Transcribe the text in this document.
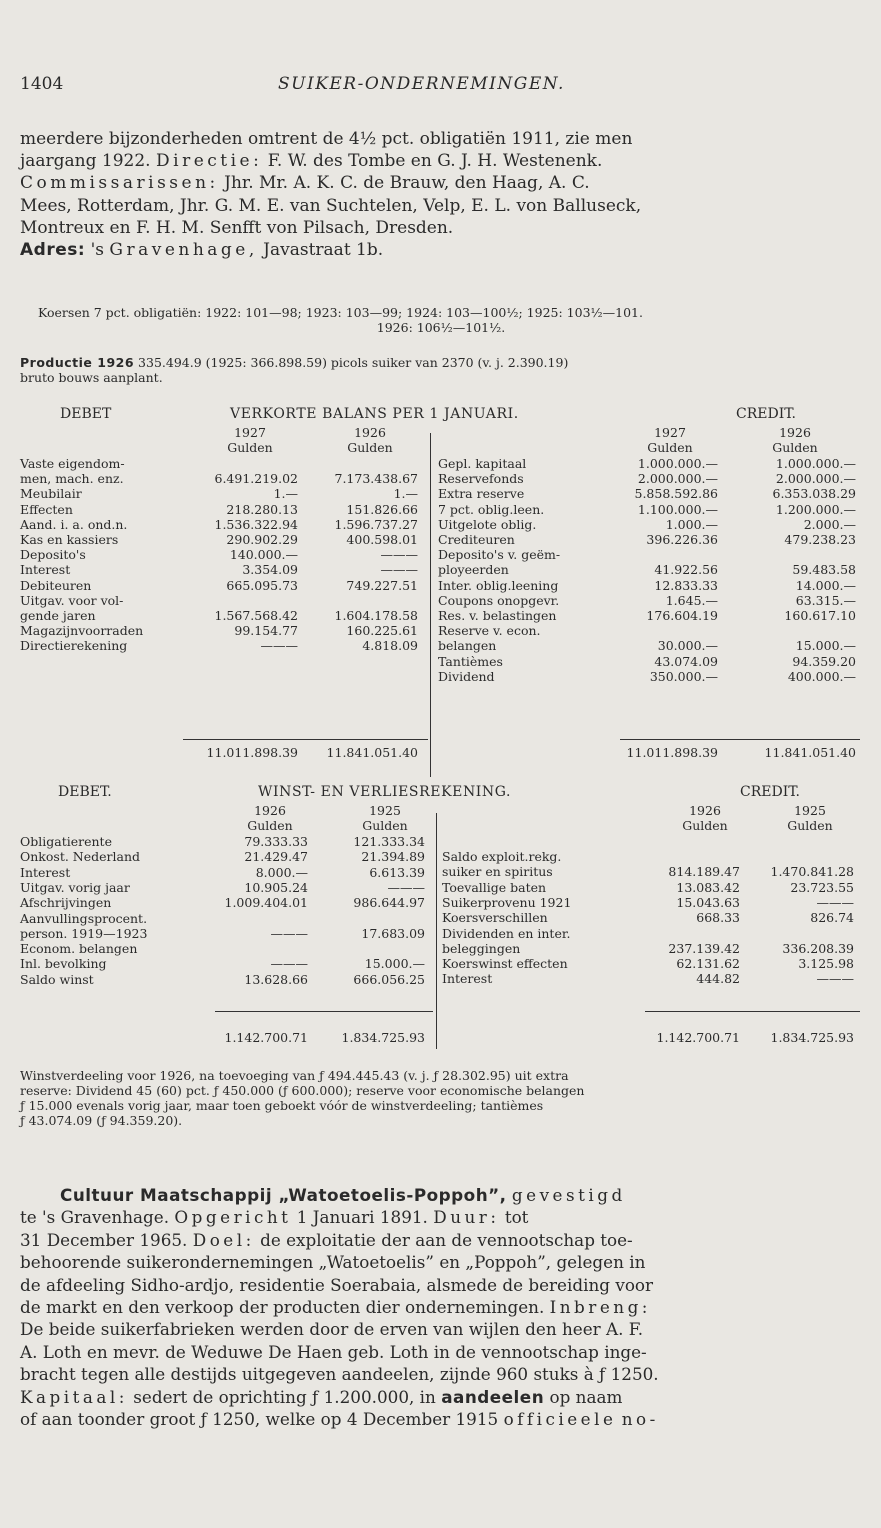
1404	SUIKER-ONDERNEMINGEN.
meerdere bijzonderheden omtrent de 4½ pct. obligatiën 1911, zie men
jaargang 1922. Directie: F. W. des Tombe en G. J. H. Westenenk.
Commissarissen: Jhr. Mr. A. K. C. de Brauw, den Haag, A. C.
Mees, Rotterdam, Jhr. G. M. E. van Suchtelen, Velp, E. L. von Balluseck,
Montreux en F. H. M. Senfft von Pilsach, Dresden.
Adres: 's Gravenhage, Javastraat 1b.
Koersen 7 pct. obligatiën: 1922: 101—98; 1923: 103—99; 1924: 103—100½; 1925: 103½—101.
1926: 106½—101½.
Productie 1926 335.494.9 (1925: 366.898.59) picols suiker van 2370 (v. j. 2.390.19)
bruto bouws aanplant.
DEBET	VERKORTE BALANS PER 1 JANUARI.	CREDIT.
1927	1926
Gulden	Gulden
1927	1926
Gulden	Gulden
Vaste eigendom-
men, mach. enz.	6.491.219.02	7.173.438.67
Meubilair	1.—	1.—
Effecten	218.280.13	151.826.66
Aand. i. a. ond.n.	1.536.322.94	1.596.737.27
Kas en kassiers	290.902.29	400.598.01
Deposito's	140.000.—	———
Interest	3.354.09	———
Debiteuren	665.095.73	749.227.51
Uitgav. voor vol-
gende jaren	1.567.568.42	1.604.178.58
Magazijnvoorraden	99.154.77	160.225.61
Directierekening	———	4.818.09
Gepl. kapitaal	1.000.000.—	1.000.000.—
Reservefonds	2.000.000.—	2.000.000.—
Extra reserve	5.858.592.86	6.353.038.29
7 pct. oblig.leen.	1.100.000.—	1.200.000.—
Uitgelote oblig.	1.000.—	2.000.—
Crediteuren	396.226.36	479.238.23
Deposito's v. geëm-
ployeerden	41.922.56	59.483.58
Inter. oblig.leening	12.833.33	14.000.—
Coupons onopgevr.	1.645.—	63.315.—
Res. v. belastingen	176.604.19	160.617.10
Reserve v. econ.
belangen	30.000.—	15.000.—
Tantièmes	43.074.09	94.359.20
Dividend	350.000.—	400.000.—
11.011.898.39	11.841.051.40	11.011.898.39	11.841.051.40
DEBET.	WINST- EN VERLIESREKENING.	CREDIT.
1926	1925
Gulden	Gulden
1926	1925
Gulden	Gulden
Obligatierente	79.333.33	121.333.34
Onkost. Nederland	21.429.47	21.394.89
Interest	8.000.—	6.613.39
Uitgav. vorig jaar	10.905.24	———
Afschrijvingen	1.009.404.01	986.644.97
Aanvullingsprocent.
person. 1919—1923	———	17.683.09
Econom. belangen
Inl. bevolking	———	15.000.—
Saldo winst	13.628.66	666.056.25
Saldo exploit.rekg.
suiker en spiritus	814.189.47	1.470.841.28
Toevallige baten	13.083.42	23.723.55
Suikerprovenu 1921	15.043.63	———
Koersverschillen	668.33	826.74
Dividenden en inter.
beleggingen	237.139.42	336.208.39
Koerswinst effecten	62.131.62	3.125.98
Interest	444.82	———
1.142.700.71	1.834.725.93	1.142.700.71	1.834.725.93
Winstverdeeling voor 1926, na toevoeging van ƒ 494.445.43 (v. j. ƒ 28.302.95) uit extra
reserve: Dividend 45 (60) pct. ƒ 450.000 (ƒ 600.000); reserve voor economische belangen
ƒ 15.000 evenals vorig jaar, maar toen geboekt vóór de winstverdeeling; tantièmes
ƒ 43.074.09 (ƒ 94.359.20).
Cultuur Maatschappij „Watoetoelis-Poppoh”, gevestigd
te 's Gravenhage. Opgericht 1 Januari 1891. Duur: tot
31 December 1965. Doel: de exploitatie der aan de vennootschap toe-
behoorende suikerondernemingen „Watoetoelis” en „Poppoh”, gelegen in
de afdeeling Sidho-ardjo, residentie Soerabaia, alsmede de bereiding voor
de markt en den verkoop der producten dier ondernemingen. Inbreng:
De beide suikerfabrieken werden door de erven van wijlen den heer A. F.
A. Loth en mevr. de Weduwe De Haen geb. Loth in de vennootschap inge-
bracht tegen alle destijds uitgegeven aandeelen, zijnde 960 stuks à ƒ 1250.
Kapitaal: sedert de oprichting ƒ 1.200.000, in aandeelen op naam
of aan toonder groot ƒ 1250, welke op 4 December 1915 officieele no-
